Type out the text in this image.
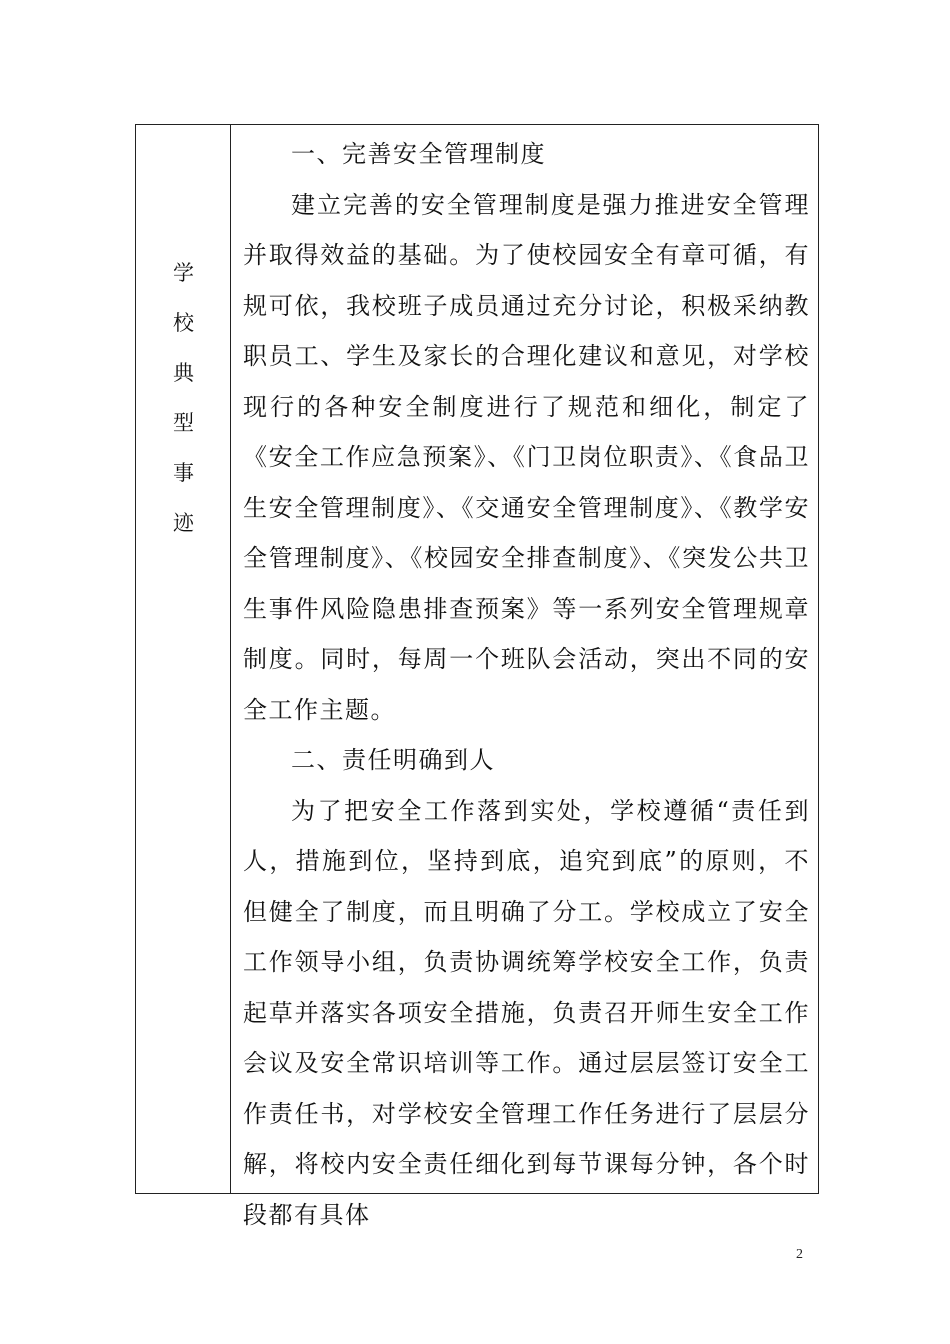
学
校
典
型
事
迹

一、完善安全管理制度

建立完善的安全管理制度是强力推进安全管理并取得效益的基础。为了使校园安全有章可循，有规可依，我校班子成员通过充分讨论，积极采纳教职员工、学生及家长的合理化建议和意见，对学校现行的各种安全制度进行了规范和细化，制定了《安全工作应急预案》、《门卫岗位职责》、《食品卫生安全管理制度》、《交通安全管理制度》、《教学安全管理制度》、《校园安全排查制度》、《突发公共卫生事件风险隐患排查预案》等一系列安全管理规章制度。同时，每周一个班队会活动，突出不同的安全工作主题。

二、责任明确到人

为了把安全工作落到实处，学校遵循“责任到人，措施到位，坚持到底，追究到底”的原则，不但健全了制度，而且明确了分工。学校成立了安全工作领导小组，负责协调统筹学校安全工作，负责起草并落实各项安全措施，负责召开师生安全工作会议及安全常识培训等工作。通过层层签订安全工作责任书，对学校安全管理工作任务进行了层层分解，将校内安全责任细化到每节课每分钟，各个时段都有具体

2
